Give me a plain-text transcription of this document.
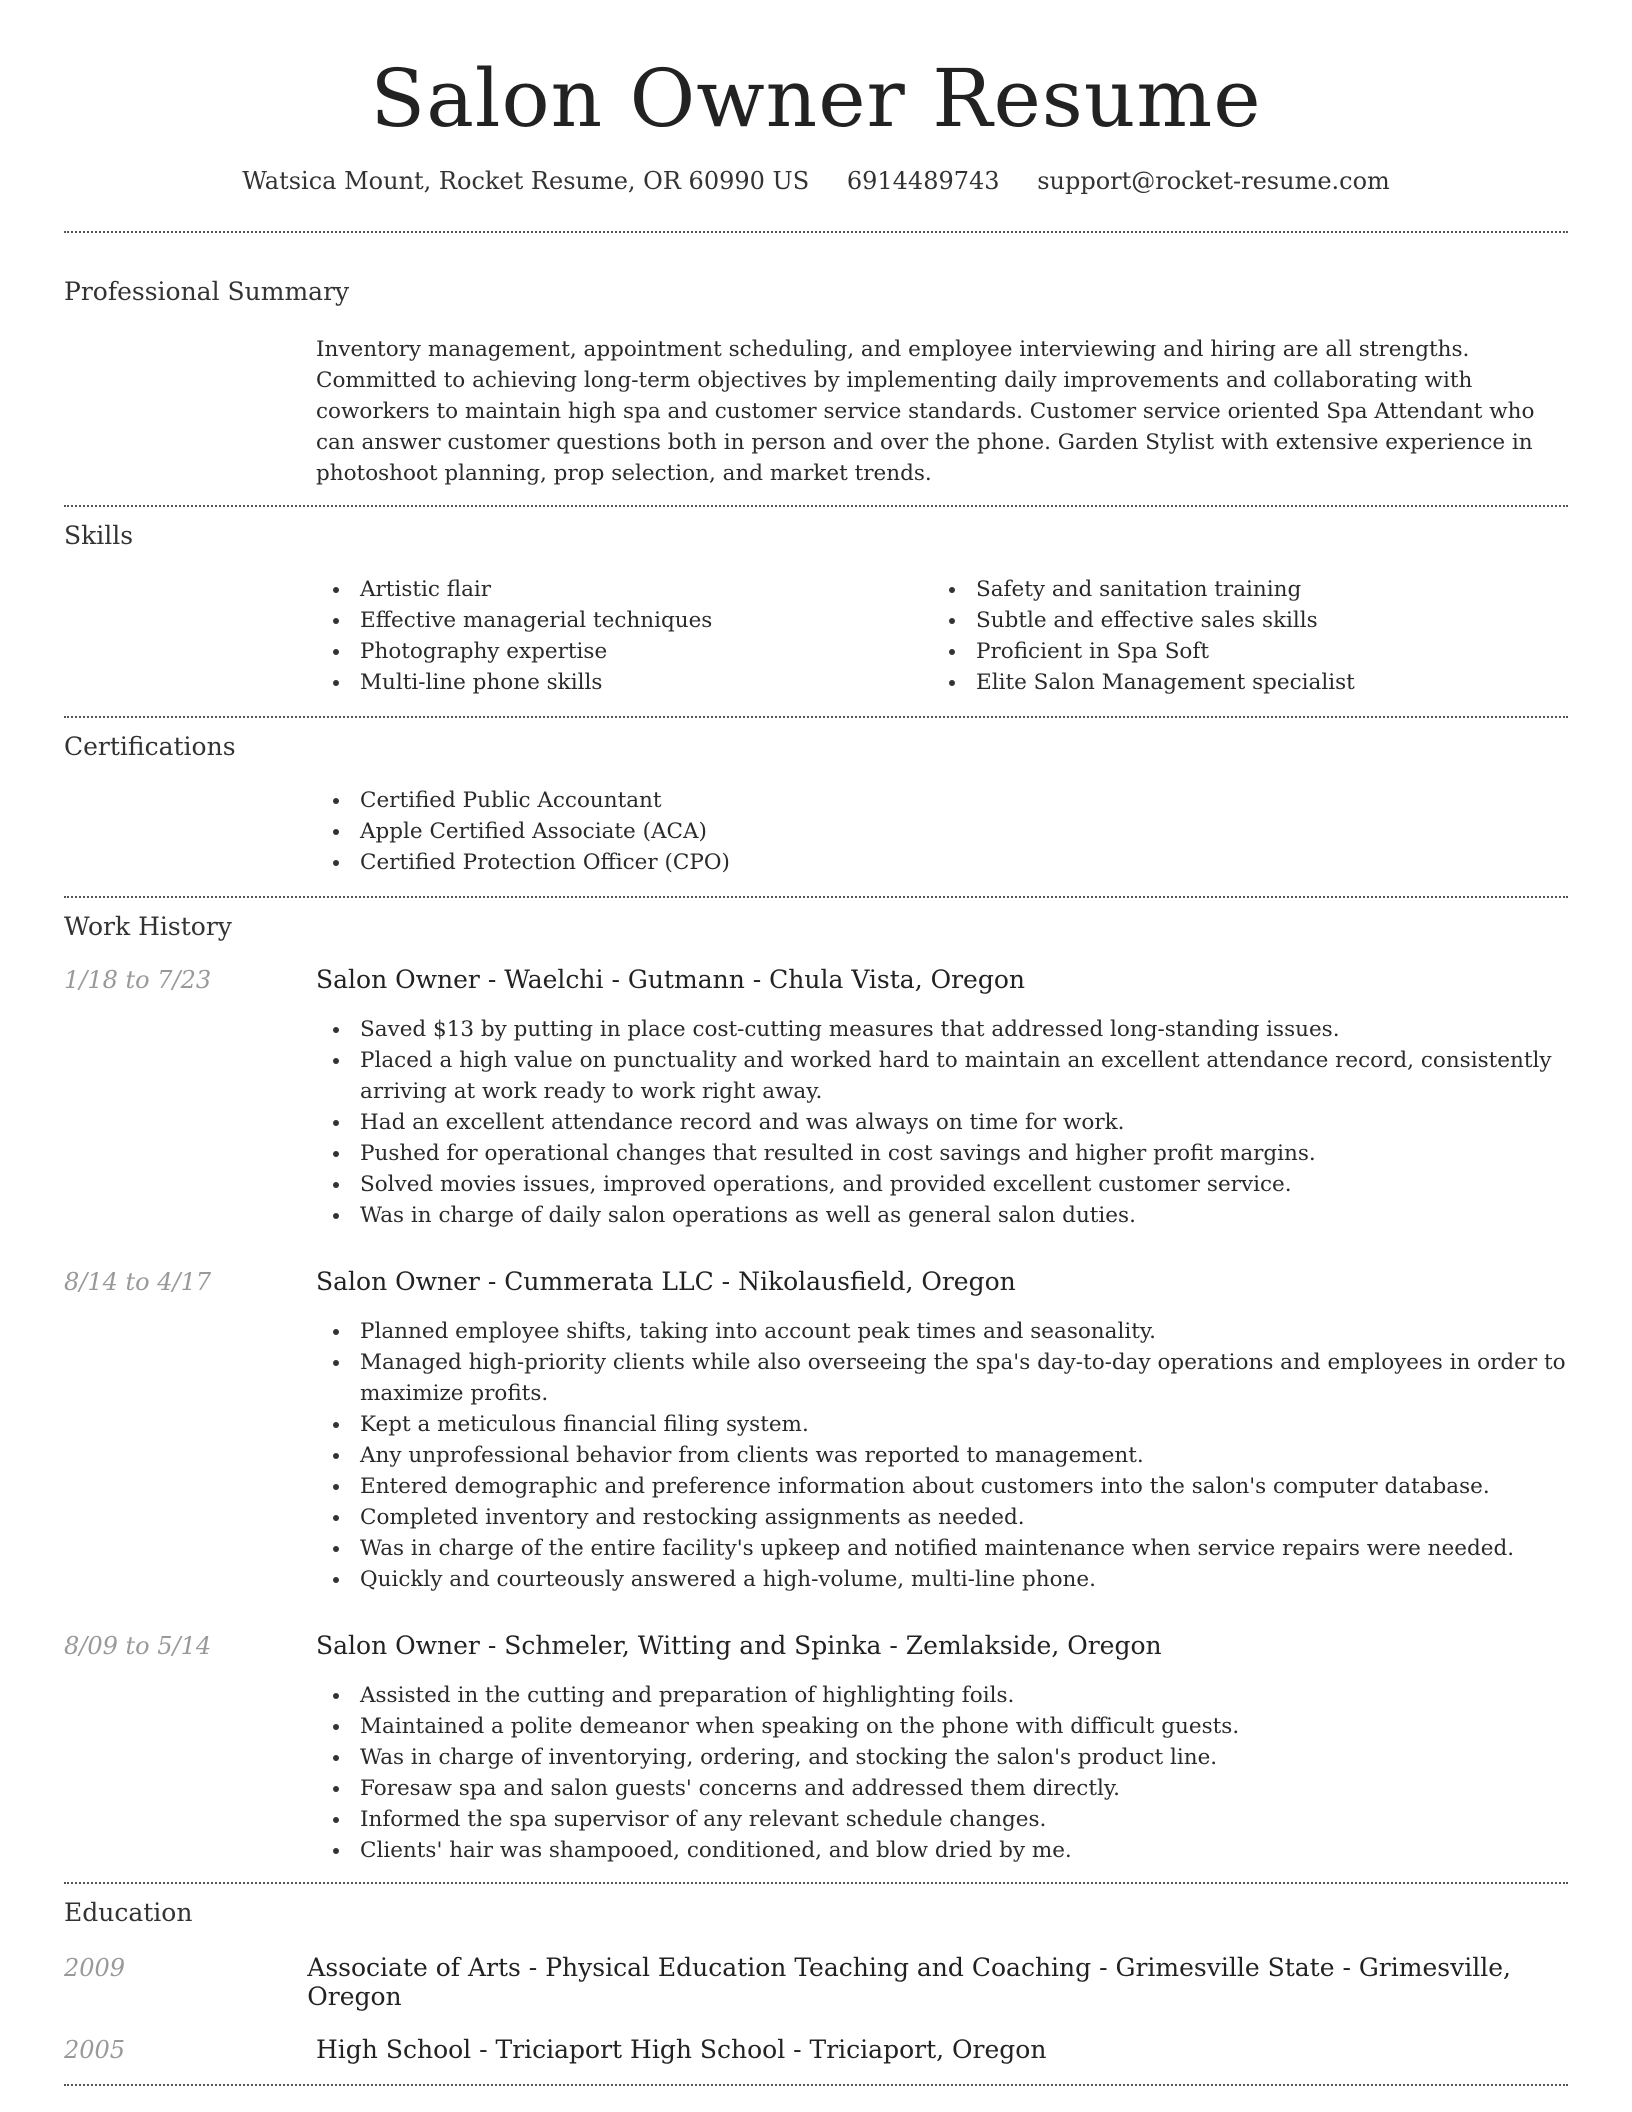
Salon Owner Resume
Watsica Mount, Rocket Resume, OR 60990 US 6914489743 support@rocket-resume.com
Professional Summary

Inventory management, appointment scheduling, and employee interviewing and hiring are all strengths. Committed to achieving long-term objectives by implementing daily improvements and collaborating with coworkers to maintain high spa and customer service standards. Customer service oriented Spa Attendant who can answer customer questions both in person and over the phone. Garden Stylist with extensive experience in photoshoot planning, prop selection, and market trends.

Skills
Artistic flair
Effective managerial techniques
Photography expertise
Multi-line phone skills
Safety and sanitation training
Subtle and effective sales skills
Proficient in Spa Soft
Elite Salon Management specialist
Certifications
Certified Public Accountant
Apple Certified Associate (ACA)
Certified Protection Officer (CPO)
Work History
1/18 to 7/23	Salon Owner - Waelchi - Gutmann - Chula Vista, Oregon
Saved $13 by putting in place cost-cutting measures that addressed long-standing issues.
Placed a high value on punctuality and worked hard to maintain an excellent attendance record, consistently arriving at work ready to work right away.
Had an excellent attendance record and was always on time for work.
Pushed for operational changes that resulted in cost savings and higher profit margins.
Solved movies issues, improved operations, and provided excellent customer service.
Was in charge of daily salon operations as well as general salon duties.
8/14 to 4/17	Salon Owner - Cummerata LLC - Nikolausfield, Oregon
Planned employee shifts, taking into account peak times and seasonality.
Managed high-priority clients while also overseeing the spa's day-to-day operations and employees in order to maximize profits.
Kept a meticulous financial filing system.
Any unprofessional behavior from clients was reported to management.
Entered demographic and preference information about customers into the salon's computer database.
Completed inventory and restocking assignments as needed.
Was in charge of the entire facility's upkeep and notified maintenance when service repairs were needed.
Quickly and courteously answered a high-volume, multi-line phone.
8/09 to 5/14	Salon Owner - Schmeler, Witting and Spinka - Zemlakside, Oregon
Assisted in the cutting and preparation of highlighting foils.
Maintained a polite demeanor when speaking on the phone with difficult guests.
Was in charge of inventorying, ordering, and stocking the salon's product line.
Foresaw spa and salon guests' concerns and addressed them directly.
Informed the spa supervisor of any relevant schedule changes.
Clients' hair was shampooed, conditioned, and blow dried by me.
Education
2009	Associate of Arts - Physical Education Teaching and Coaching - Grimesville State - Grimesville, Oregon
2005	High School - Triciaport High School - Triciaport, Oregon
